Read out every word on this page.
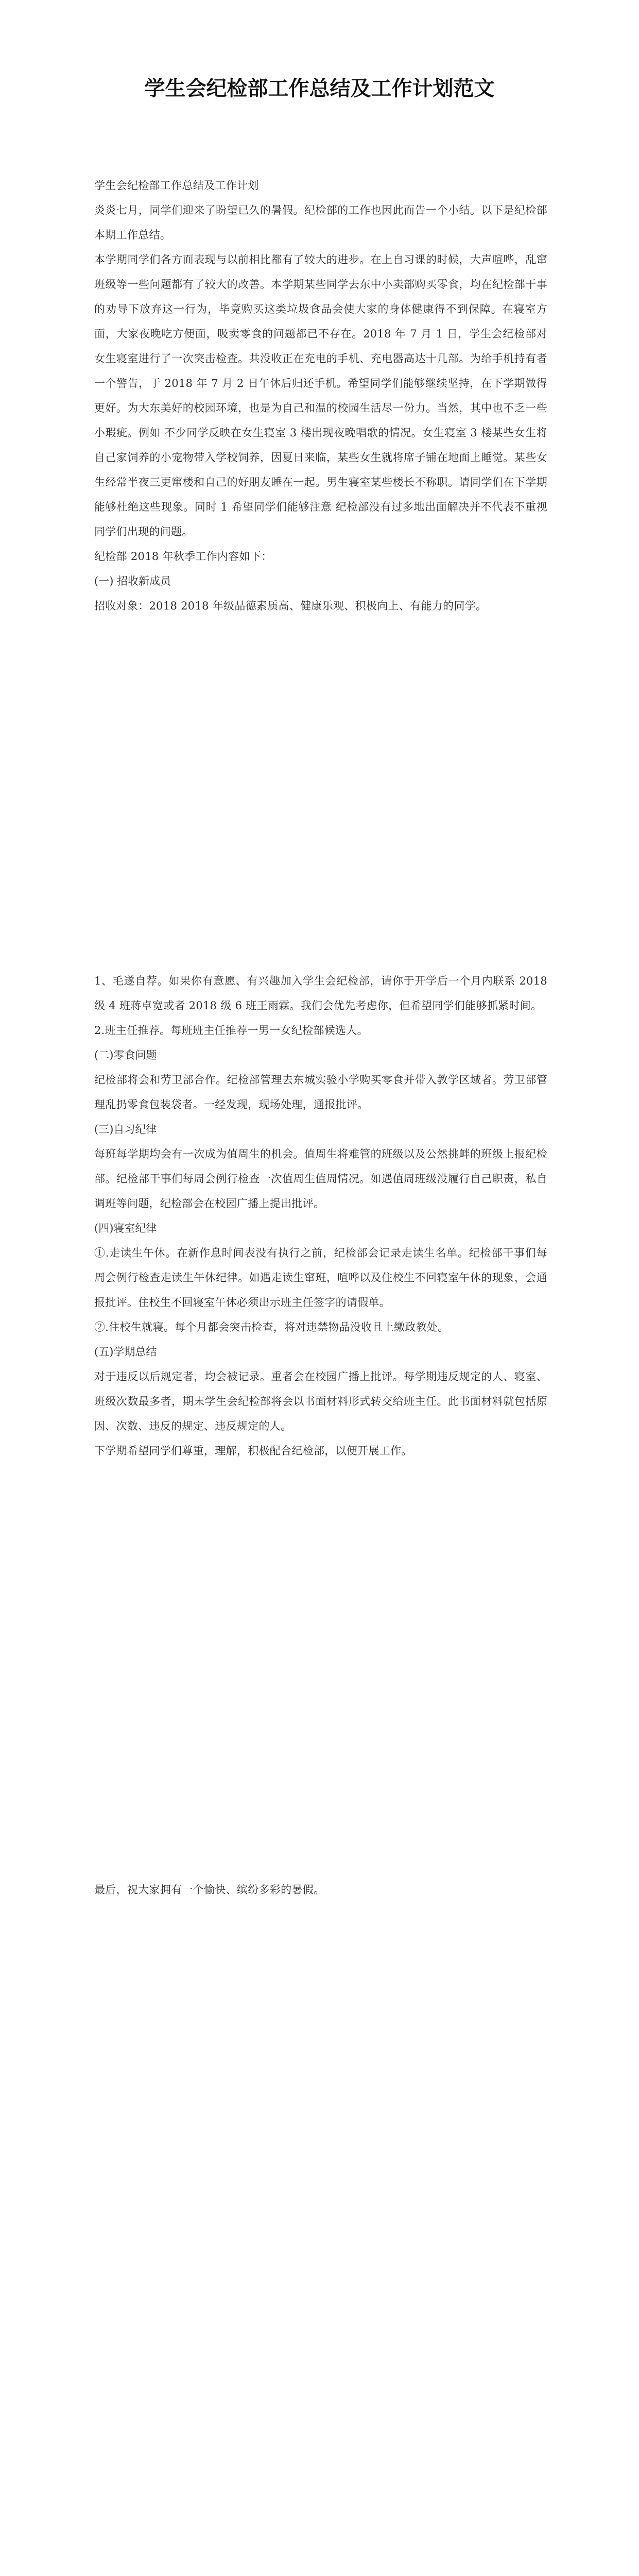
学生会纪检部工作总结及工作计划范文

学生会纪检部工作总结及工作计划

炎炎七月，同学们迎来了盼望已久的暑假。纪检部的工作也因此而告一个小结。以下是纪检部本期工作总结。

本学期同学们各方面表现与以前相比都有了较大的进步。在上自习课的时候，大声喧哗，乱窜班级等一些问题都有了较大的改善。本学期某些同学去东中小卖部购买零食，均在纪检部干事的劝导下放弃这一行为，毕竟购买这类垃圾食品会使大家的身体健康得不到保障。在寝室方面，大家夜晚吃方便面，吸卖零食的问题都已不存在。2018 年 7 月 1 日，学生会纪检部对女生寝室进行了一次突击检查。共没收正在充电的手机、充电器高达十几部。为给手机持有者一个警告，于 2018 年 7 月 2 日午休后归还手机。希望同学们能够继续坚持，在下学期做得更好。为大东美好的校园环境，也是为自己和温的校园生活尽一份力。当然，其中也不乏一些小瑕疵。例如 不少同学反映在女生寝室 3 楼出现夜晚唱歌的情况。女生寝室 3 楼某些女生将自己家饲养的小宠物带入学校饲养，因夏日来临，某些女生就将席子铺在地面上睡觉。某些女生经常半夜三更窜楼和自己的好朋友睡在一起。男生寝室某些楼长不称职。请同学们在下学期能够杜绝这些现象。同时 1 希望同学们能够注意 纪检部没有过多地出面解决并不代表不重视同学们出现的问题。

纪检部 2018 年秋季工作内容如下：

(一) 招收新成员

招收对象：2018 2018 年级品德素质高、健康乐观、积极向上、有能力的同学。

1、毛遂自荐。如果你有意愿、有兴趣加入学生会纪检部，请你于开学后一个月内联系 2018 级 4 班蒋卓宽或者 2018 级 6 班王雨霖。我们会优先考虑你，但希望同学们能够抓紧时间。

2.班主任推荐。每班班主任推荐一男一女纪检部候选人。

(二)零食问题

纪检部将会和劳卫部合作。纪检部管理去东城实验小学购买零食并带入教学区域者。劳卫部管理乱扔零食包装袋者。一经发现，现场处理，通报批评。

(三)自习纪律

每班每学期均会有一次成为值周生的机会。值周生将难管的班级以及公然挑衅的班级上报纪检部。纪检部干事们每周会例行检查一次值周生值周情况。如遇值周班级没履行自己职责，私自调班等问题，纪检部会在校园广播上提出批评。

(四)寝室纪律

①.走读生午休。在新作息时间表没有执行之前，纪检部会记录走读生名单。纪检部干事们每周会例行检查走读生午休纪律。如遇走读生窜班，喧哗以及住校生不回寝室午休的现象，会通报批评。住校生不回寝室午休必须出示班主任签字的请假单。

②.住校生就寝。每个月都会突击检查，将对违禁物品没收且上缴政教处。

(五)学期总结

对于违反以后规定者，均会被记录。重者会在校园广播上批评。每学期违反规定的人、寝室、班级次数最多者，期末学生会纪检部将会以书面材料形式转交给班主任。此书面材料就包括原因、次数、违反的规定、违反规定的人。

下学期希望同学们尊重，理解，积极配合纪检部，以便开展工作。

最后，祝大家拥有一个愉快、缤纷多彩的暑假。
